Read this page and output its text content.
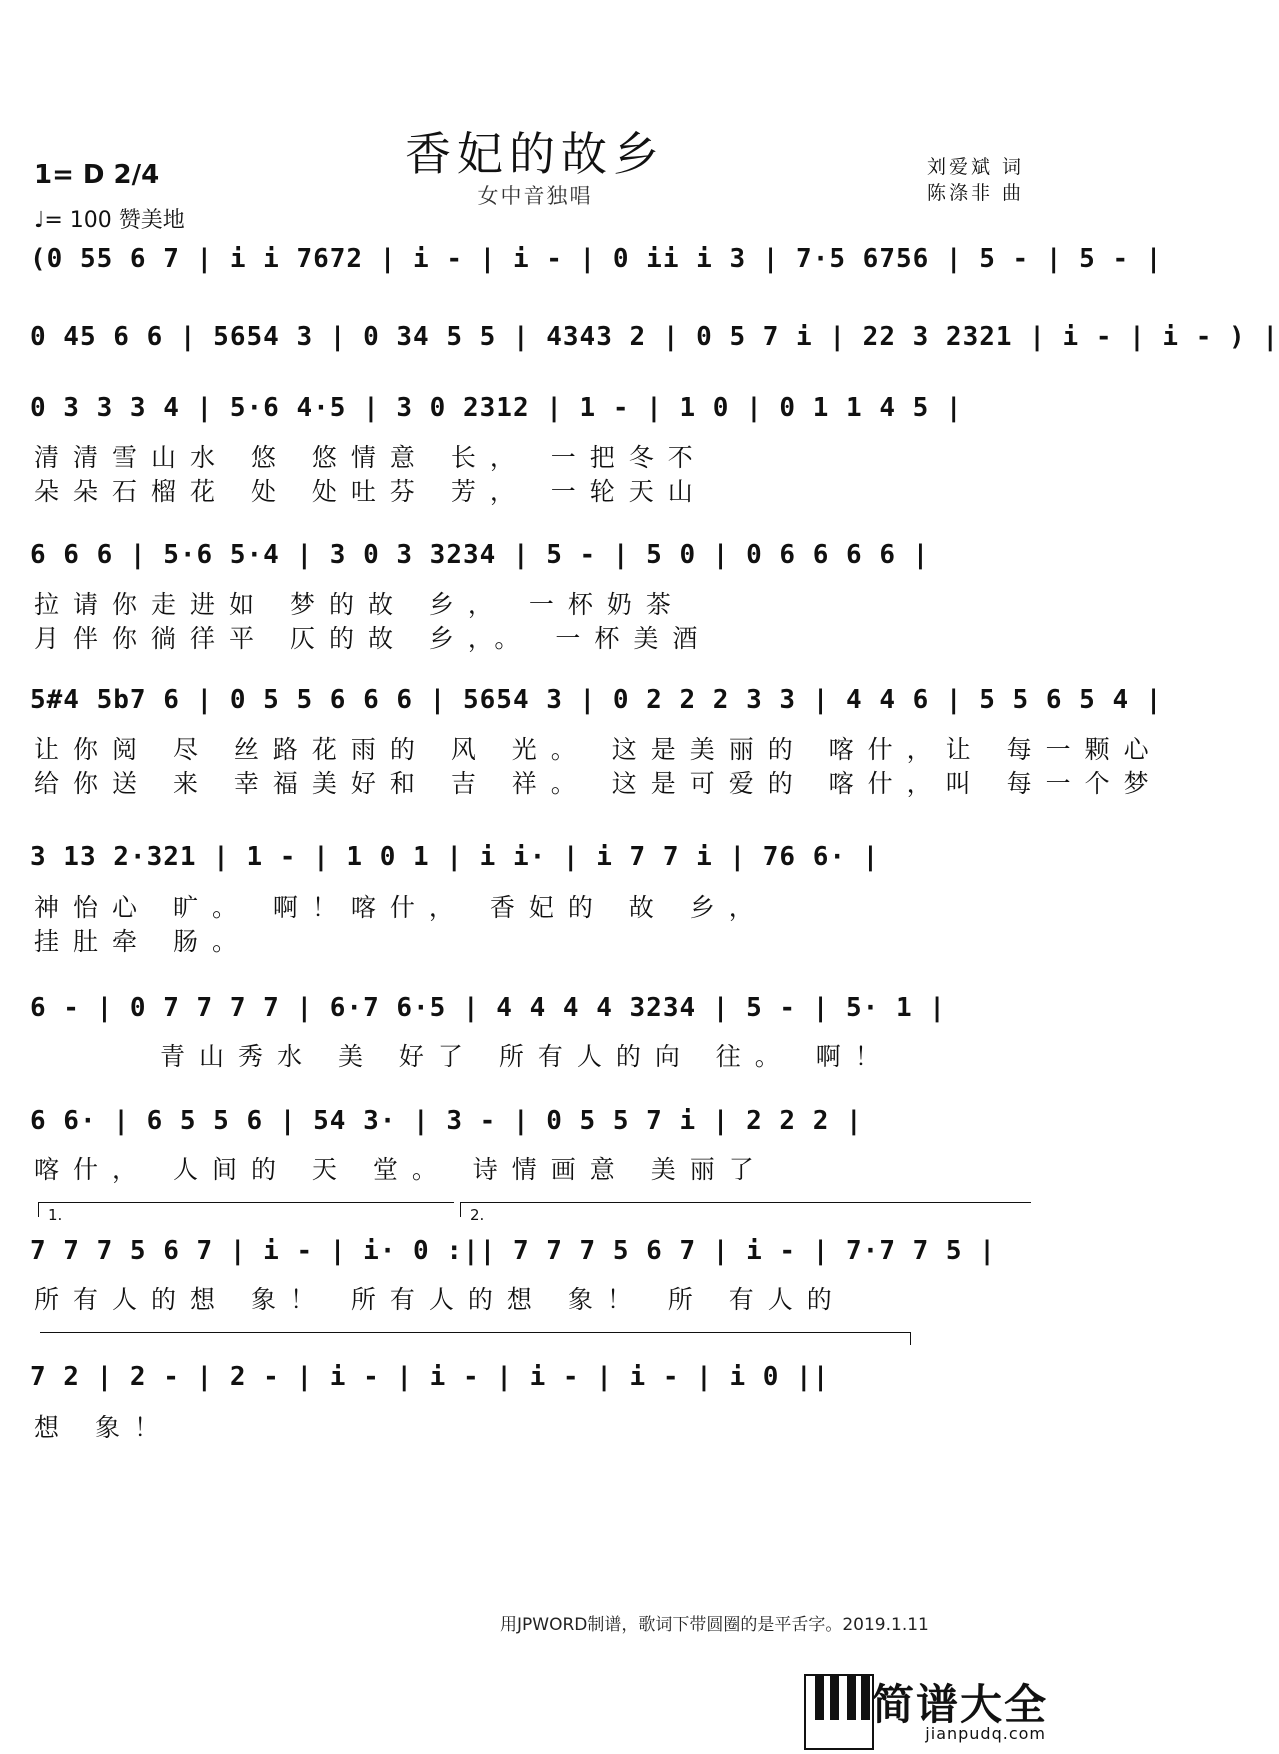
香妃的故乡
女中音独唱
1= D 2/4
♩= 100 赞美地
刘爱斌 词
陈涤非 曲
(0 55 6 7 | i i 7672 | i - | i - | 0 ii i 3 | 7·5 6756 | 5 - | 5 - |
0 45 6 6 | 5654 3 | 0 34 5 5 | 4343 2 | 0 5 7 i | 22 3 2321 | i - | i - ) |
0 3 3 3 4 | 5·6 4·5 | 3 0 2312 | 1 - | 1 0 | 0 1 1 4 5 |
清清雪山水 悠 悠情意 长， 一把冬不
朵朵石榴花 处 处吐芬 芳， 一轮天山
6 6 6 | 5·6 5·4 | 3 0 3 3234 | 5 - | 5 0 | 0 6 6 6 6 |
拉请你走进如 梦的故 乡， 一杯奶茶
月伴你徜徉平 仄的故 乡，。 一杯美酒
5#4 5b7 6 | 0 5 5 6 6 6 | 5654 3 | 0 2 2 2 3 3 | 4 4 6 | 5 5 6 5 4 |
让你阅 尽 丝路花雨的 风 光。 这是美丽的 喀什，让 每一颗心
给你送 来 幸福美好和 吉 祥。 这是可爱的 喀什，叫 每一个梦
3 13 2·321 | 1 - | 1 0 1 | i i· | i 7 7 i | 76 6· |
神怡心 旷。 啊！喀什， 香妃的 故 乡，
挂肚牵 肠。
6 - | 0 7 7 7 7 | 6·7 6·5 | 4 4 4 4 3234 | 5 - | 5· 1 |
青山秀水 美 好了 所有人的向 往。 啊！
6 6· | 6 5 5 6 | 54 3· | 3 - | 0 5 5 7 i | 2 2 2 |
喀什， 人间的 天 堂。 诗情画意 美丽了
1.	2.
7 7 7 5 6 7 | i - | i· 0 :|| 7 7 7 5 6 7 | i - | 7·7 7 5 |
所有人的想 象！ 所有人的想 象！ 所 有人的
7 2 | 2 - | 2 - | i - | i - | i - | i - | i 0 ||
想 象！
用JPWORD制谱，歌词下带圆圈的是平舌字。2019.1.11
简谱大全
jianpudq.com
